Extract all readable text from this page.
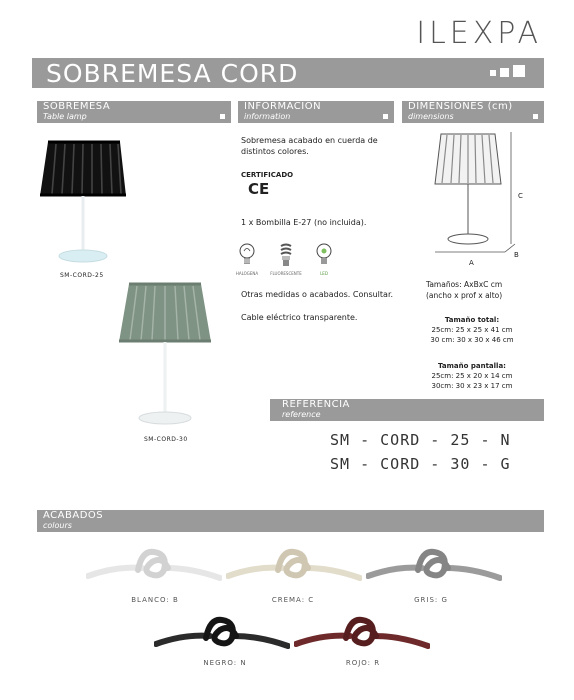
ILEXPA
SOBREMESA CORD
SOBREMESA
Table lamp
INFORMACIÓN
information
DIMENSIONES (cm)
dimensions
SM-CORD-25
SM-CORD-30
Sobremesa acabado en cuerda de
distintos colores.
CERTIFICADO
CE
1 x Bombilla E-27 (no incluida).
HALOGENA	FLUORESCENTE	LED
Otras medidas o acabados. Consultar.
Cable eléctrico transparente.
A
B
C
Tamaños: AxBxC cm
(ancho x prof x alto)
Tamaño total:
25cm: 25 x 25 x 41 cm
30 cm: 30 x 30 x 46 cm
Tamaño pantalla:
25cm: 25 x 20 x 14 cm
30cm: 30 x 23 x 17 cm
REFERENCIA
reference
SM - CORD - 25 - N
SM - CORD - 30 - G
ACABADOS
colours
BLANCO: B	CREMA: C	GRIS: G
NEGRO: N	ROJO: R
